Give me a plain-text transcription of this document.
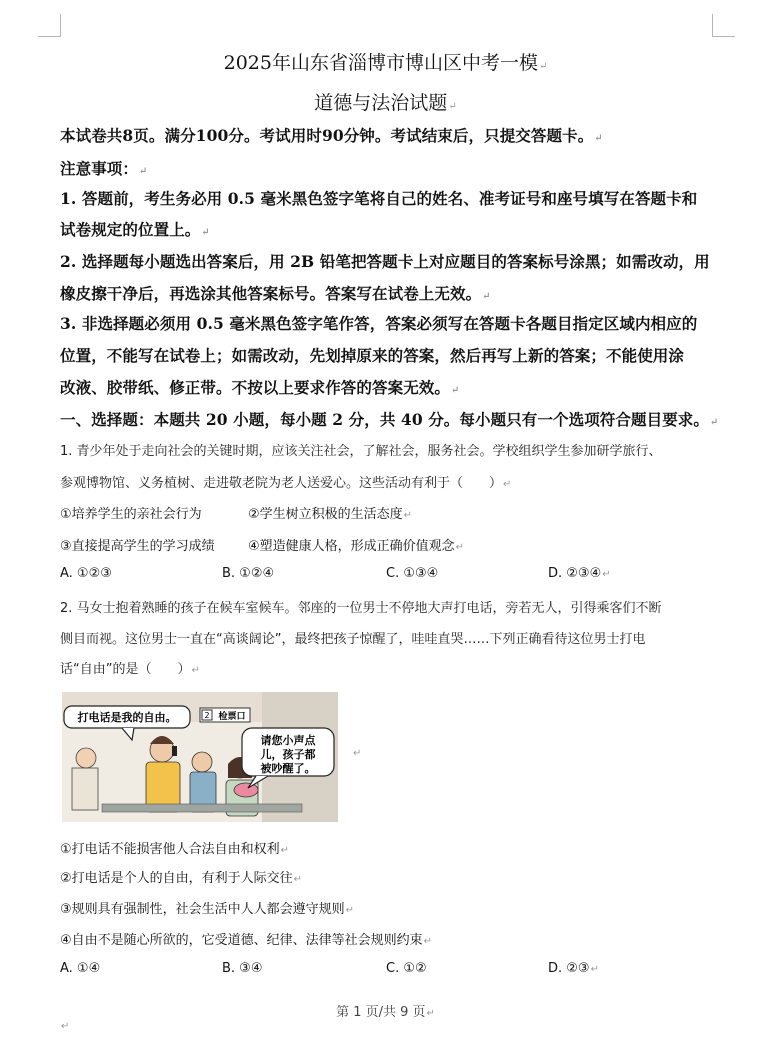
2025年山东省淄博市博山区中考一模↵
道德与法治试题↵
本试卷共8页。满分100分。考试用时90分钟。考试结束后，只提交答题卡。↵
注意事项：↵
1. 答题前，考生务必用 0.5 毫米黑色签字笔将自己的姓名、准考证号和座号填写在答题卡和
试卷规定的位置上。↵
2. 选择题每小题选出答案后，用 2B 铅笔把答题卡上对应题目的答案标号涂黑；如需改动，用
橡皮擦干净后，再选涂其他答案标号。答案写在试卷上无效。↵
3. 非选择题必须用 0.5 毫米黑色签字笔作答，答案必须写在答题卡各题目指定区域内相应的
位置，不能写在试卷上；如需改动，先划掉原来的答案，然后再写上新的答案；不能使用涂
改液、胶带纸、修正带。不按以上要求作答的答案无效。↵
一、选择题：本题共 20 小题，每小题 2 分，共 40 分。每小题只有一个选项符合题目要求。↵
1. 青少年处于走向社会的关键时期，应该关注社会，了解社会，服务社会。学校组织学生参加研学旅行、
参观博物馆、义务植树、走进敬老院为老人送爱心。这些活动有利于（　　）↵
①培养学生的亲社会行为	②学生树立积极的生活态度↵
③直接提高学生的学习成绩	④塑造健康人格，形成正确价值观念↵
A. ①②③	B. ①②④	C. ①③④	D. ②③④↵
2. 马女士抱着熟睡的孩子在候车室候车。邻座的一位男士不停地大声打电话，旁若无人，引得乘客们不断
侧目而视。这位男士一直在“高谈阔论”，最终把孩子惊醒了，哇哇直哭……下列正确看待这位男士打电
话“自由”的是（　　）↵
2 检票口
打电话是我的自由。
请您小声点
儿，孩子都
被吵醒了。
↵
①打电话不能损害他人合法自由和权利↵
②打电话是个人的自由，有利于人际交往↵
③规则具有强制性，社会生活中人人都会遵守规则↵
④自由不是随心所欲的，它受道德、纪律、法律等社会规则约束↵
A. ①④	B. ③④	C. ①②	D. ②③↵
第 1 页/共 9 页↵
↵
